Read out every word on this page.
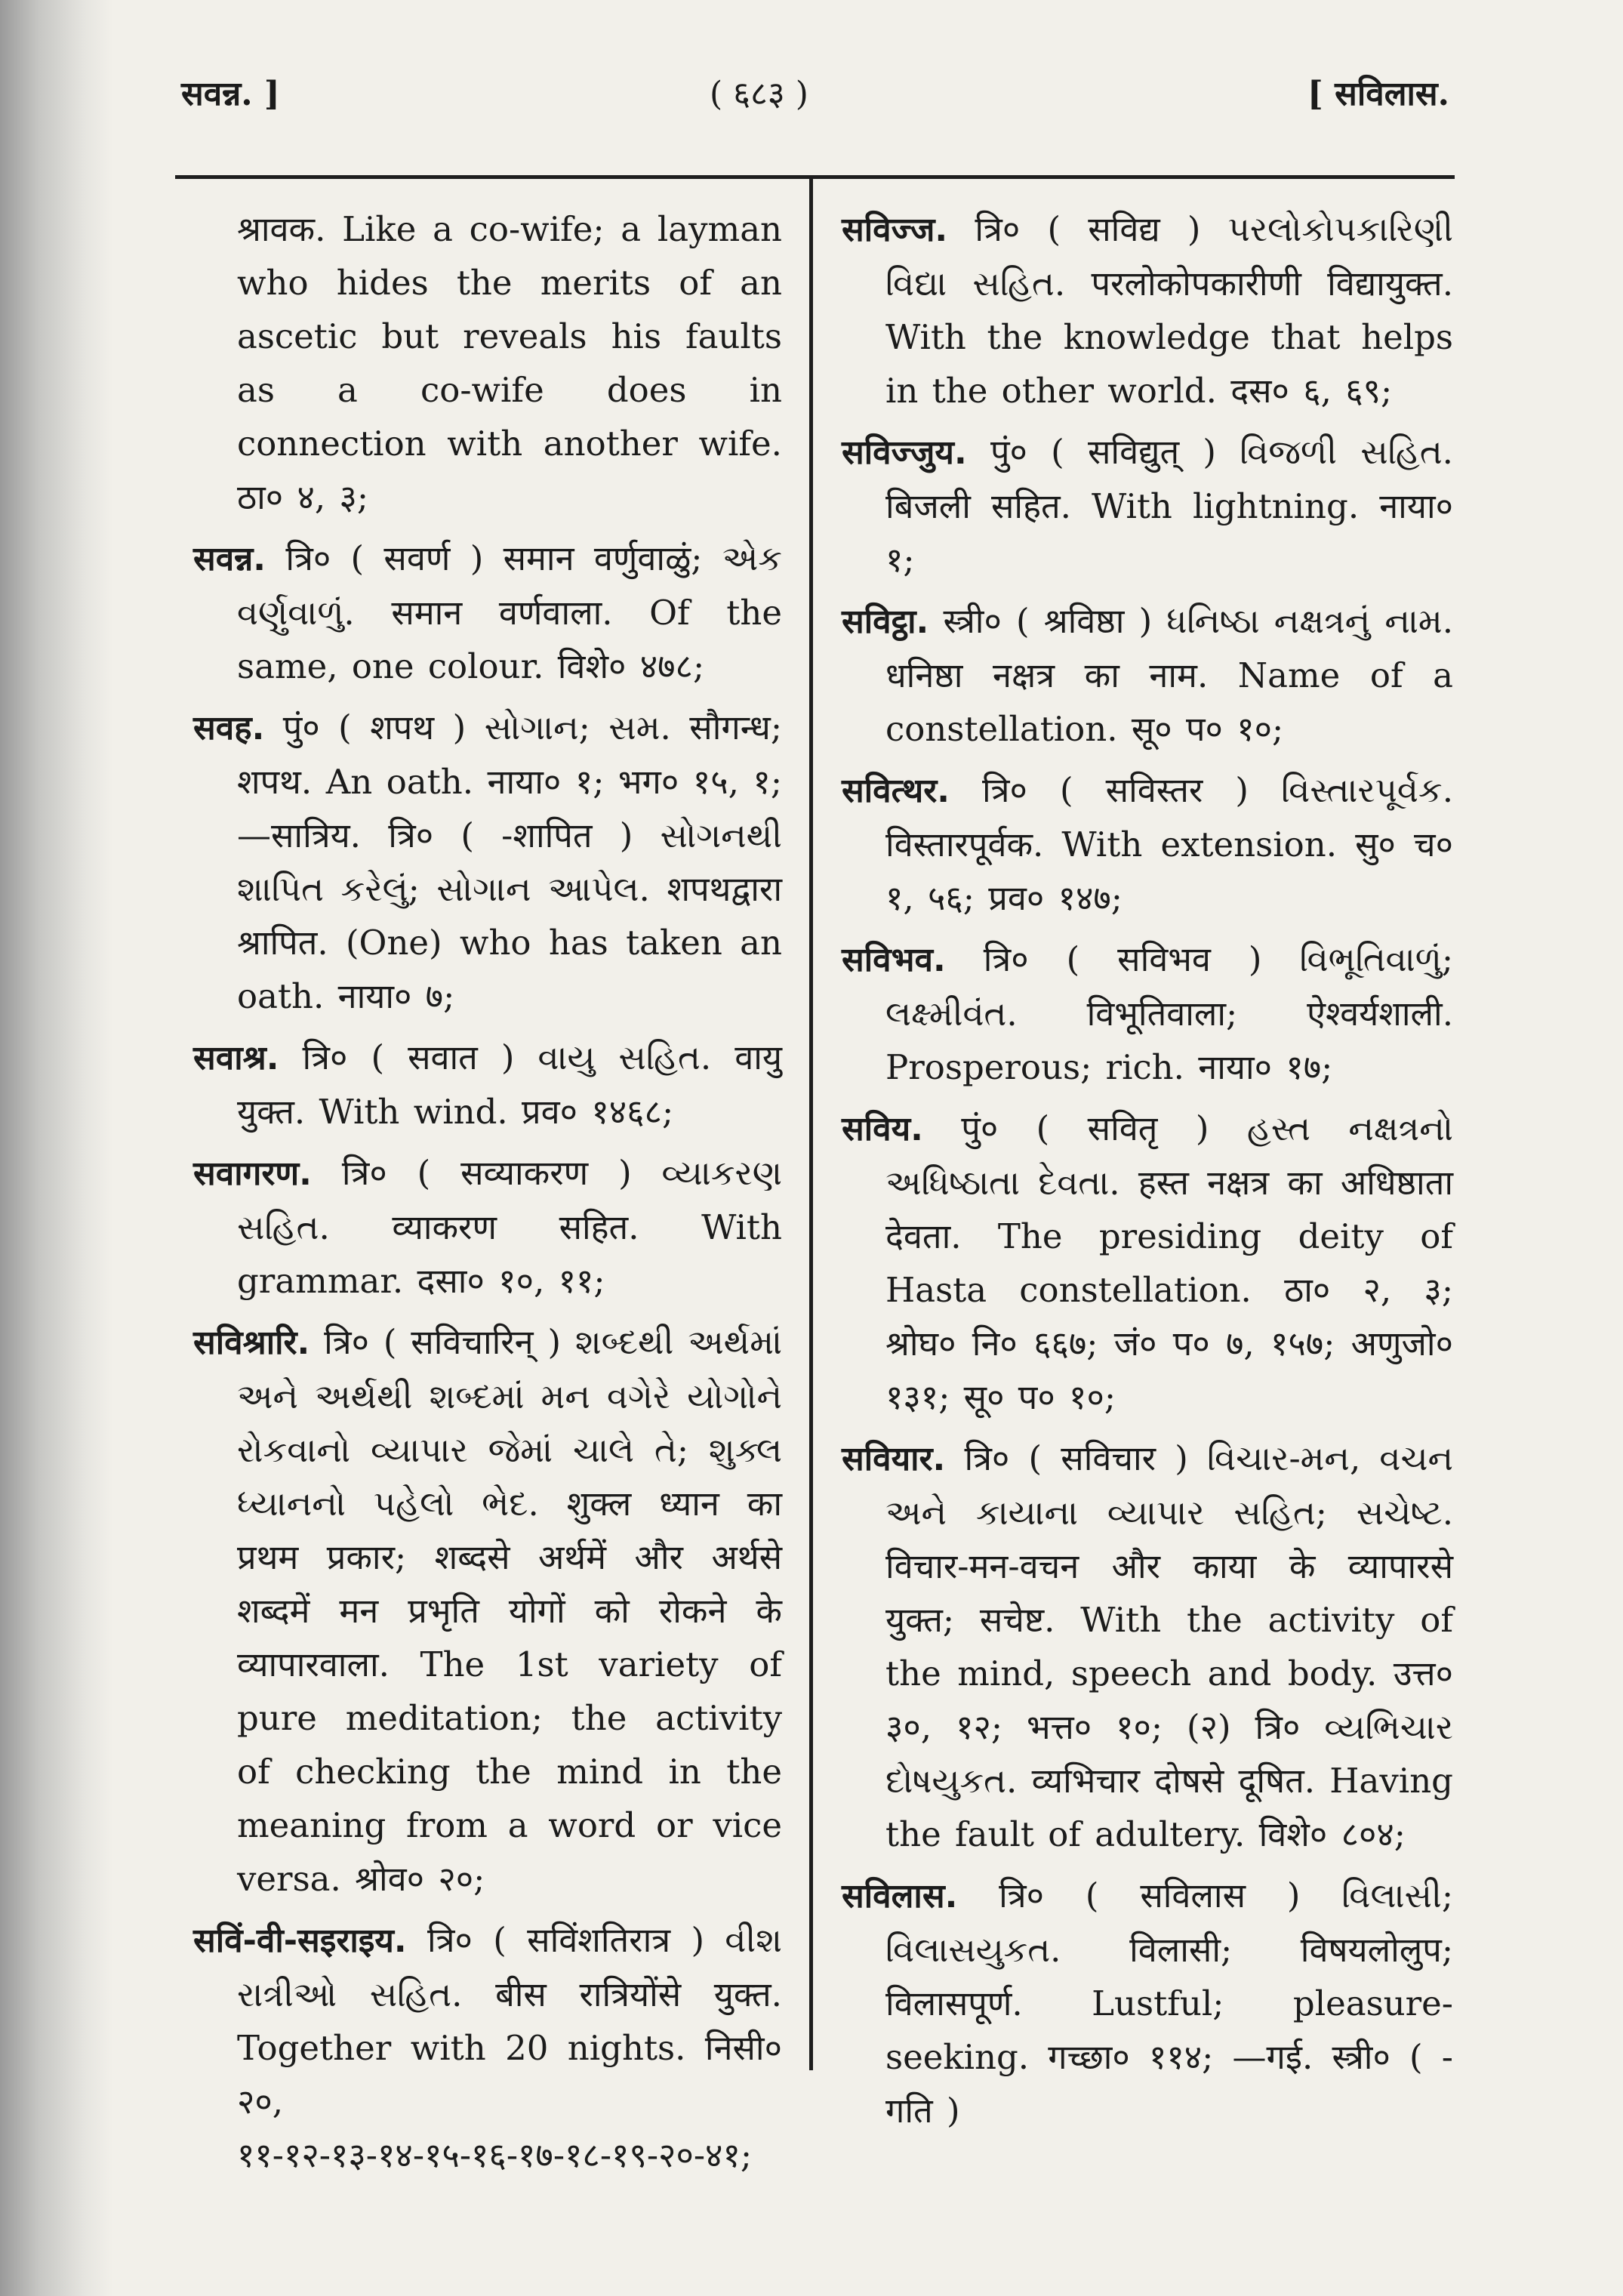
सवन्न. ]	( ६८३ )	[ सविलास.

श्रावक. Like a co-wife; a layman who hides the merits of an ascetic but reveals his faults as a co-wife does in connection with another wife. ठा० ४, ३;

सवन्न. त्रि० ( सवर्ण ) समान वर्णुवाळुं; એક વર્ણુવાળું. समान वर्णवाला. Of the same, one colour. विशे० ४७८;

सवह. पुं० ( शपथ ) સોગાન; સમ. सौगन्ध; शपथ. An oath. नाया० १; भग० १५, १; —सात्रिय. त्रि० ( -शापित ) સોગનથી શાપિત કરેલું; સોગાન આપેલ. शपथद्वारा श्रापित. (One) who has taken an oath. नाया० ७;

सवाश्र. त्रि० ( सवात ) વાયુ સહિત. वायु युक्त. With wind. प्रव० १४६८;

सवागरण. त्रि० ( सव्याकरण ) વ્યાકરણ સહિત. व्याकरण सहित. With grammar. दसा० १०, ११;

सविश्रारि. त्रि० ( सविचारिन् ) શબ્દથી અર્થમાં અને અર્થથી શબ્દમાં મન વગેરે યોગોને રોકવાનો વ્યાપાર જેમાં ચાલે તે; શુક્લ ધ્યાનનો પહેલો ભેદ. शुक्ल ध्यान का प्रथम प्रकार; शब्दसे अर्थमें और अर्थसे शब्दमें मन प्रभृति योगों को रोकने के व्यापारवाला. The 1st variety of pure meditation; the activity of checking the mind in the meaning from a word or vice versa. श्रोव० २०;

सविं-वी-सइराइय. त्रि० ( सविंशतिरात्र ) વીશ રાત્રીઓ સહિત. बीस रात्रियोंसे युक्त. Together with 20 nights. निसी० २०, ११-१२-१३-१४-१५-१६-१७-१८-१९-२०-४१;

सविज्ज. त्रि० ( सविद्य ) પરલોકોપકારિણી વિદ્યા સહિત. परलोकोपकारीणी विद्यायुक्त. With the knowledge that helps in the other world. दस० ६, ६९;

सविज्जुय. पुं० ( सविद्युत् ) વિજળી સહિત. बिजली सहित. With lightning. नाया० १;

सविट्ठा. स्त्री० ( श्रविष्ठा ) ધનિષ્ઠા નક્ષત્રનું નામ. धनिष्ठा नक्षत्र का नाम. Name of a constellation. सू० प० १०;

सवित्थर. त्रि० ( सविस्तर ) વિસ્તારપૂર્વક. विस्तारपूर्वक. With extension. सु० च० १, ५६; प्रव० १४७;

सविभव. त्रि० ( सविभव ) વિભૂતિવાળું; લક્ષ્મીવંત. विभूतिवाला; ऐश्वर्यशाली. Prosperous; rich. नाया० १७;

सविय. पुं० ( सवितृ ) હસ્ત નક્ષત્રનો અધિષ્ઠાતા દેવતા. हस्त नक्षत्र का अधिष्ठाता देवता. The presiding deity of Hasta constellation. ठा० २, ३; श्रोघ० नि० ६६७; जं० प० ७, १५७; अणुजो० १३१; सू० प० १०;

सवियार. त्रि० ( सविचार ) વિચાર-મન, વચન અને કાયાના વ્યાપાર સહિત; સચેષ્ટ. विचार-मन-वचन और काया के व्यापारसे युक्त; सचेष्ट. With the activity of the mind, speech and body. उत्त० ३०, १२; भत्त० १०; (२) त्रि० વ્યભિચાર દોષયુકત. व्यभिचार दोषसे दूषित. Having the fault of adultery. विशे० ८०४;

सविलास. त्रि० ( सविलास ) વિલાસી; વિલાસયુકત. विलासी; विषयलोलुप; विलासपूर्ण. Lustful; pleasure-seeking. गच्छा० ११४; —गई. स्त्री० ( -गति )
